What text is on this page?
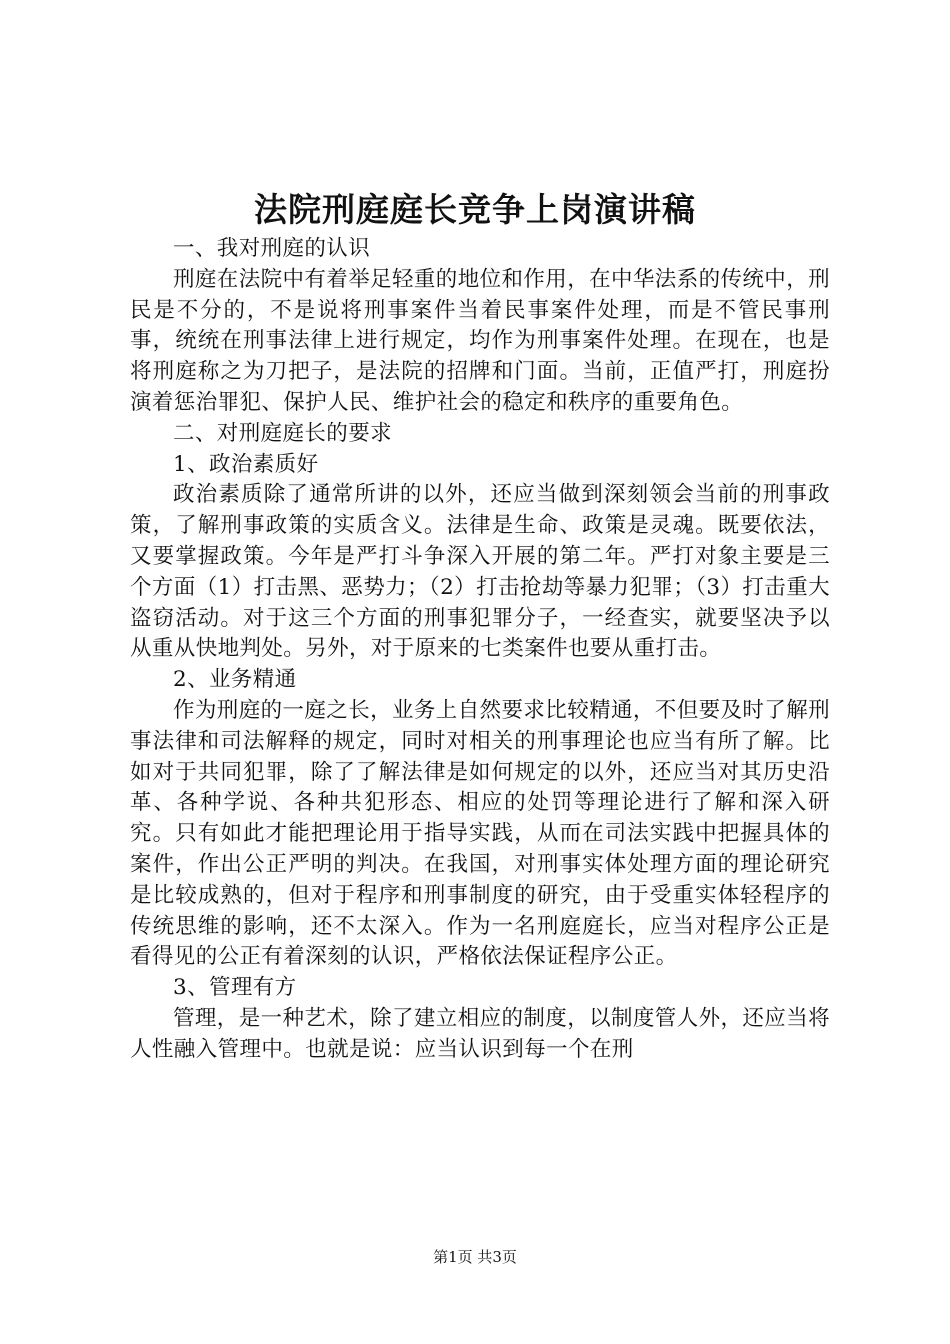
法院刑庭庭长竞争上岗演讲稿

一、我对刑庭的认识

刑庭在法院中有着举足轻重的地位和作用，在中华法系的传统中，刑民是不分的，不是说将刑事案件当着民事案件处理，而是不管民事刑事，统统在刑事法律上进行规定，均作为刑事案件处理。在现在，也是将刑庭称之为刀把子，是法院的招牌和门面。当前，正值严打，刑庭扮演着惩治罪犯、保护人民、维护社会的稳定和秩序的重要角色。

二、对刑庭庭长的要求

1、政治素质好

政治素质除了通常所讲的以外，还应当做到深刻领会当前的刑事政策，了解刑事政策的实质含义。法律是生命、政策是灵魂。既要依法，又要掌握政策。今年是严打斗争深入开展的第二年。严打对象主要是三个方面（1）打击黑、恶势力；（2）打击抢劫等暴力犯罪；（3）打击重大盗窃活动。对于这三个方面的刑事犯罪分子，一经查实，就要坚决予以从重从快地判处。另外，对于原来的七类案件也要从重打击。

2、业务精通

作为刑庭的一庭之长，业务上自然要求比较精通，不但要及时了解刑事法律和司法解释的规定，同时对相关的刑事理论也应当有所了解。比如对于共同犯罪，除了了解法律是如何规定的以外，还应当对其历史沿革、各种学说、各种共犯形态、相应的处罚等理论进行了解和深入研究。只有如此才能把理论用于指导实践，从而在司法实践中把握具体的案件，作出公正严明的判决。在我国，对刑事实体处理方面的理论研究是比较成熟的，但对于程序和刑事制度的研究，由于受重实体轻程序的传统思维的影响，还不太深入。作为一名刑庭庭长，应当对程序公正是看得见的公正有着深刻的认识，严格依法保证程序公正。

3、管理有方

管理，是一种艺术，除了建立相应的制度，以制度管人外，还应当将人性融入管理中。也就是说：应当认识到每一个在刑

第1页 共3页
